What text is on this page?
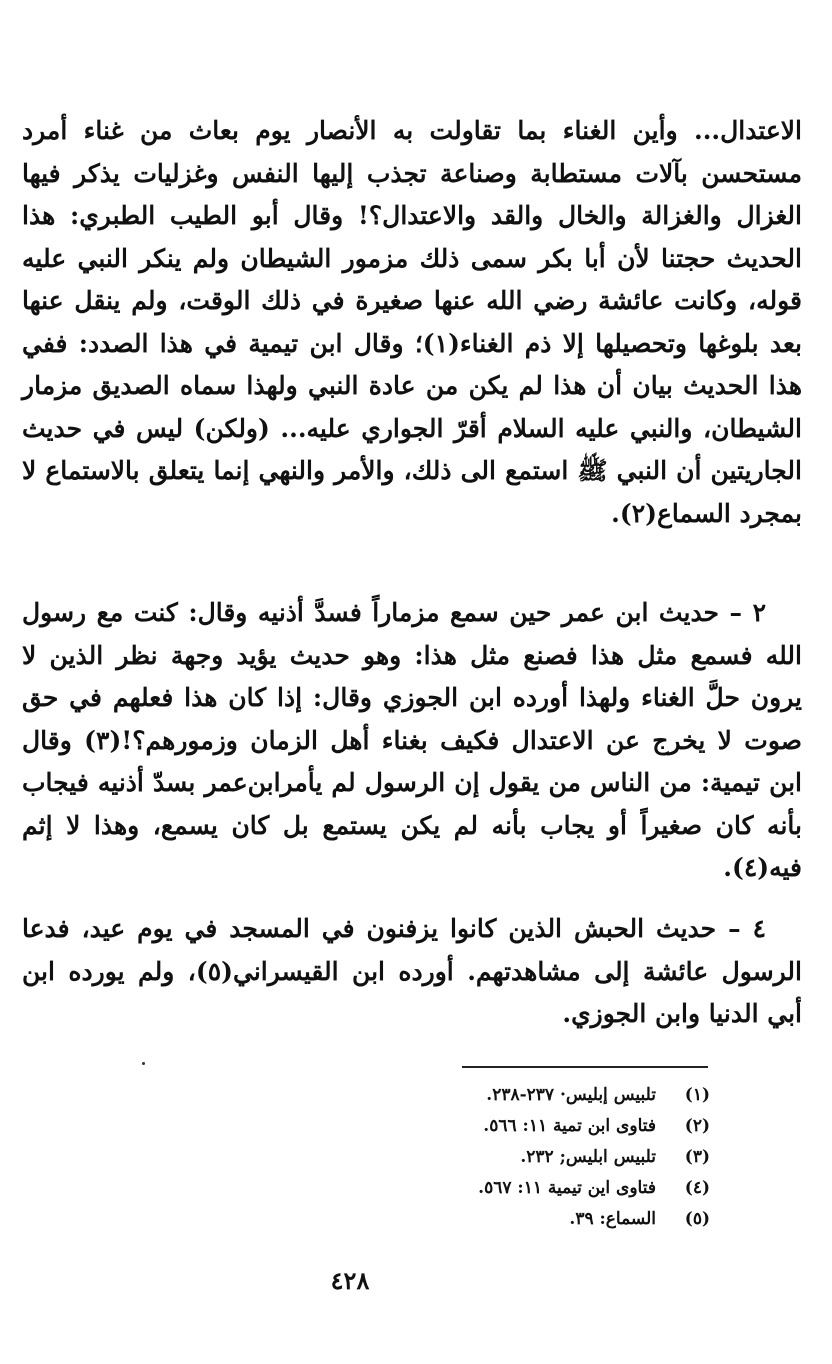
الاعتدال... وأين الغناء بما تقاولت به الأنصار يوم بعاث من غناء أمرد مستحسن بآلات مستطابة وصناعة تجذب إليها النفس وغزليات يذكر فيها الغزال والغزالة والخال والقد والاعتدال؟! وقال أبو الطيب الطبري: هذا الحديث حجتنا لأن أبا بكر سمى ذلك مزمور الشيطان ولم ينكر النبي عليه قوله، وكانت عائشة رضي الله عنها صغيرة في ذلك الوقت، ولم ينقل عنها بعد بلوغها وتحصيلها إلا ذم الغناء(١)؛ وقال ابن تيمية في هذا الصدد: ففي هذا الحديث بيان أن هذا لم يكن من عادة النبي ولهذا سماه الصديق مزمار الشيطان، والنبي عليه السلام أقرّ الجواري عليه... (ولكن) ليس في حديث الجاريتين أن النبي ﷺ استمع الى ذلك، والأمر والنهي إنما يتعلق بالاستماع لا بمجرد السماع(٢).

٢ – حديث ابن عمر حين سمع مزماراً فسدَّ أذنيه وقال: كنت مع رسول الله فسمع مثل هذا فصنع مثل هذا: وهو حديث يؤيد وجهة نظر الذين لا يرون حلَّ الغناء ولهذا أورده ابن الجوزي وقال: إذا كان هذا فعلهم في حق صوت لا يخرج عن الاعتدال فكيف بغناء أهل الزمان وزمورهم؟!(٣) وقال ابن تيمية: من الناس من يقول إن الرسول لم يأمرابن‌عمر بسدّ أذنيه فيجاب بأنه كان صغيراً أو يجاب بأنه لم يكن يستمع بل كان يسمع، وهذا لا إثم فيه(٤).

٤ – حديث الحبش الذين كانوا يزفنون في المسجد في يوم عيد، فدعا الرسول عائشة إلى مشاهدتهم. أورده ابن القيسراني(٥)، ولم يورده ابن أبي الدنيا وابن الجوزي.

(١)
تلبيس إبليس· ٢٣٧-٢٣٨.
(٢)
فتاوى ابن تمية ١١: ٥٦٦.
(٣)
تلبيس ابليس; ٢٣٢.
(٤)
فتاوى اين تيمية ١١: ٥٦٧.
(٥)
السماع: ٣٩.
٤٢٨
